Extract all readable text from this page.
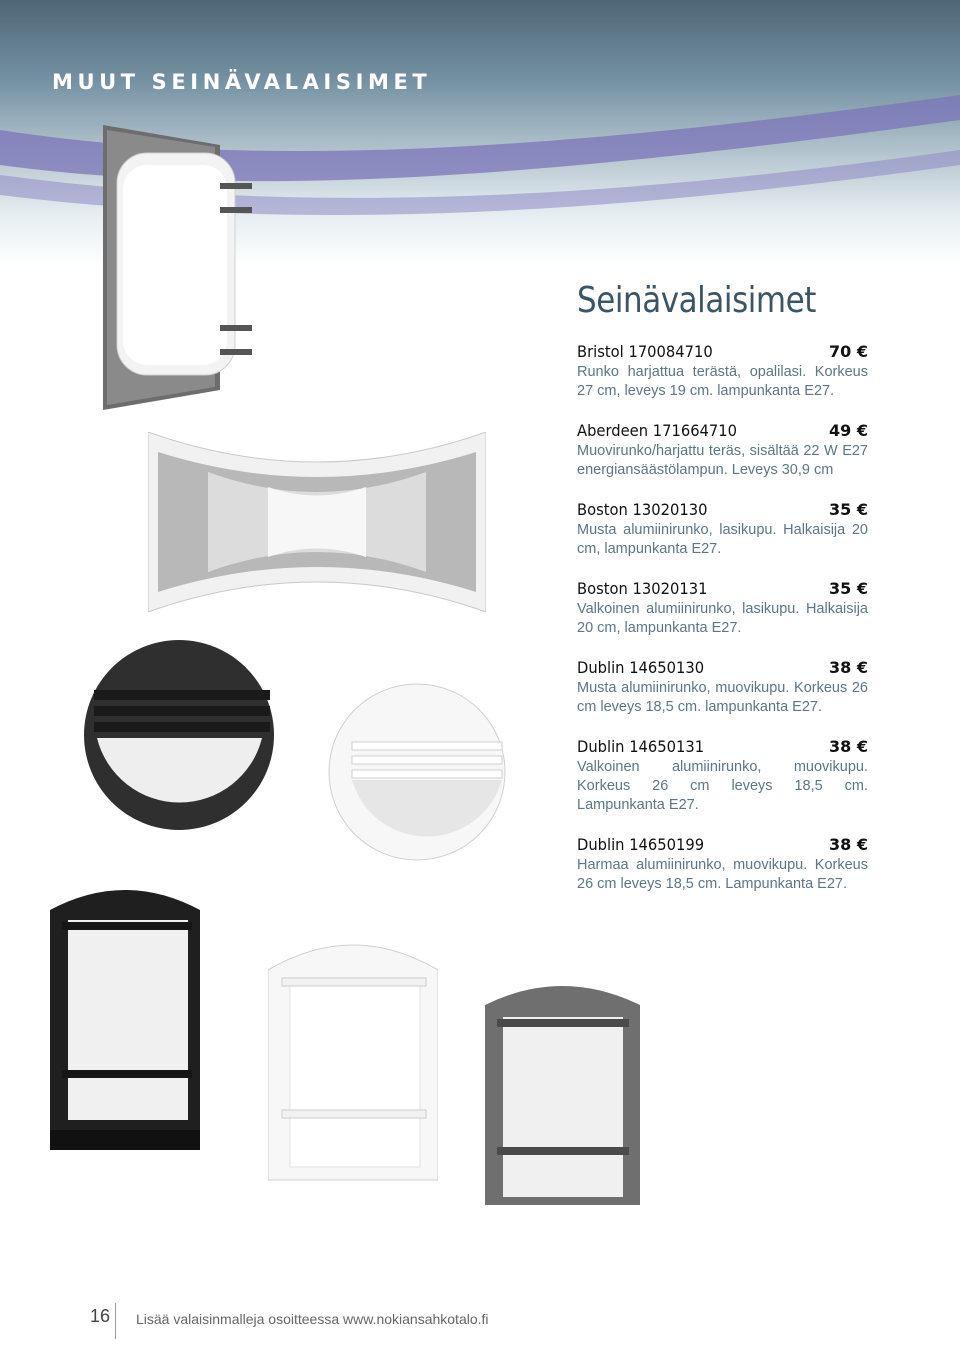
MUUT SEINÄVALAISIMET
Seinävalaisimet
Bristol 170084710	70 €

Runko harjattua terästä, opalilasi. Korkeus 27 cm, leveys 19 cm. lampunkanta E27.

Aberdeen 171664710	49 €

Muovirunko/harjattu teräs, sisältää 22 W E27 energiansäästölampun. Leveys 30,9 cm

Boston 13020130	35 €

Musta alumiinirunko, lasikupu. Halkaisija 20 cm, lampunkanta E27.

Boston 13020131	35 €

Valkoinen alumiinirunko, lasikupu. Halkaisija 20 cm, lampunkanta E27.

Dublin 14650130	38 €

Musta alumiinirunko, muovikupu. Korkeus 26 cm leveys 18,5 cm. lampunkanta E27.

Dublin 14650131	38 €

Valkoinen alumiinirunko, muovikupu. Korkeus 26 cm leveys 18,5 cm. Lampunkanta E27.

Dublin 14650199	38 €

Harmaa alumiinirunko, muovikupu. Korkeus 26 cm leveys 18,5 cm. Lampunkanta E27.

16 Lisää valaisinmalleja osoitteessa www.nokiansahkotalo.fi
